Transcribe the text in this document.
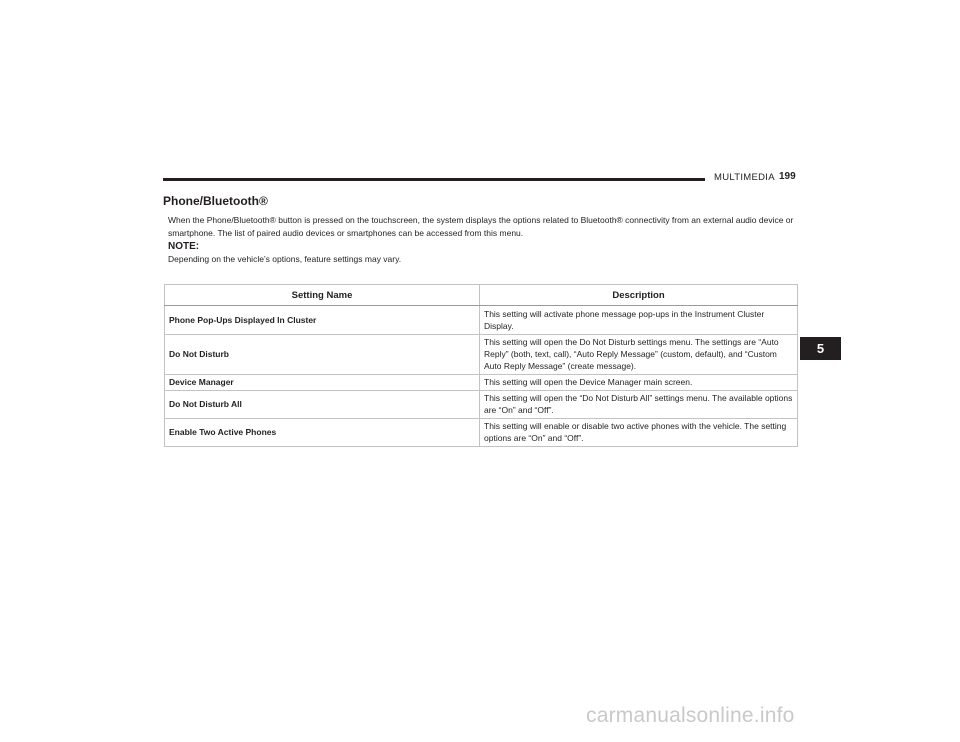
MULTIMEDIA 199
Phone/Bluetooth®
When the Phone/Bluetooth® button is pressed on the touchscreen, the system displays the options related to Bluetooth® connectivity from an external audio device or smartphone. The list of paired audio devices or smartphones can be accessed from this menu.
NOTE:
Depending on the vehicle’s options, feature settings may vary.
Setting Name	Description
Phone Pop-Ups Displayed In Cluster	This setting will activate phone message pop-ups in the Instrument Cluster Display.
Do Not Disturb	This setting will open the Do Not Disturb settings menu. The settings are “Auto Reply” (both, text, call), “Auto Reply Message” (custom, default), and “Custom Auto Reply Message” (create message).
Device Manager	This setting will open the Device Manager main screen.
Do Not Disturb All	This setting will open the “Do Not Disturb All” settings menu. The available options are “On” and “Off”.
Enable Two Active Phones	This setting will enable or disable two active phones with the vehicle. The setting options are “On” and “Off”.
5
carmanualsonline.info
